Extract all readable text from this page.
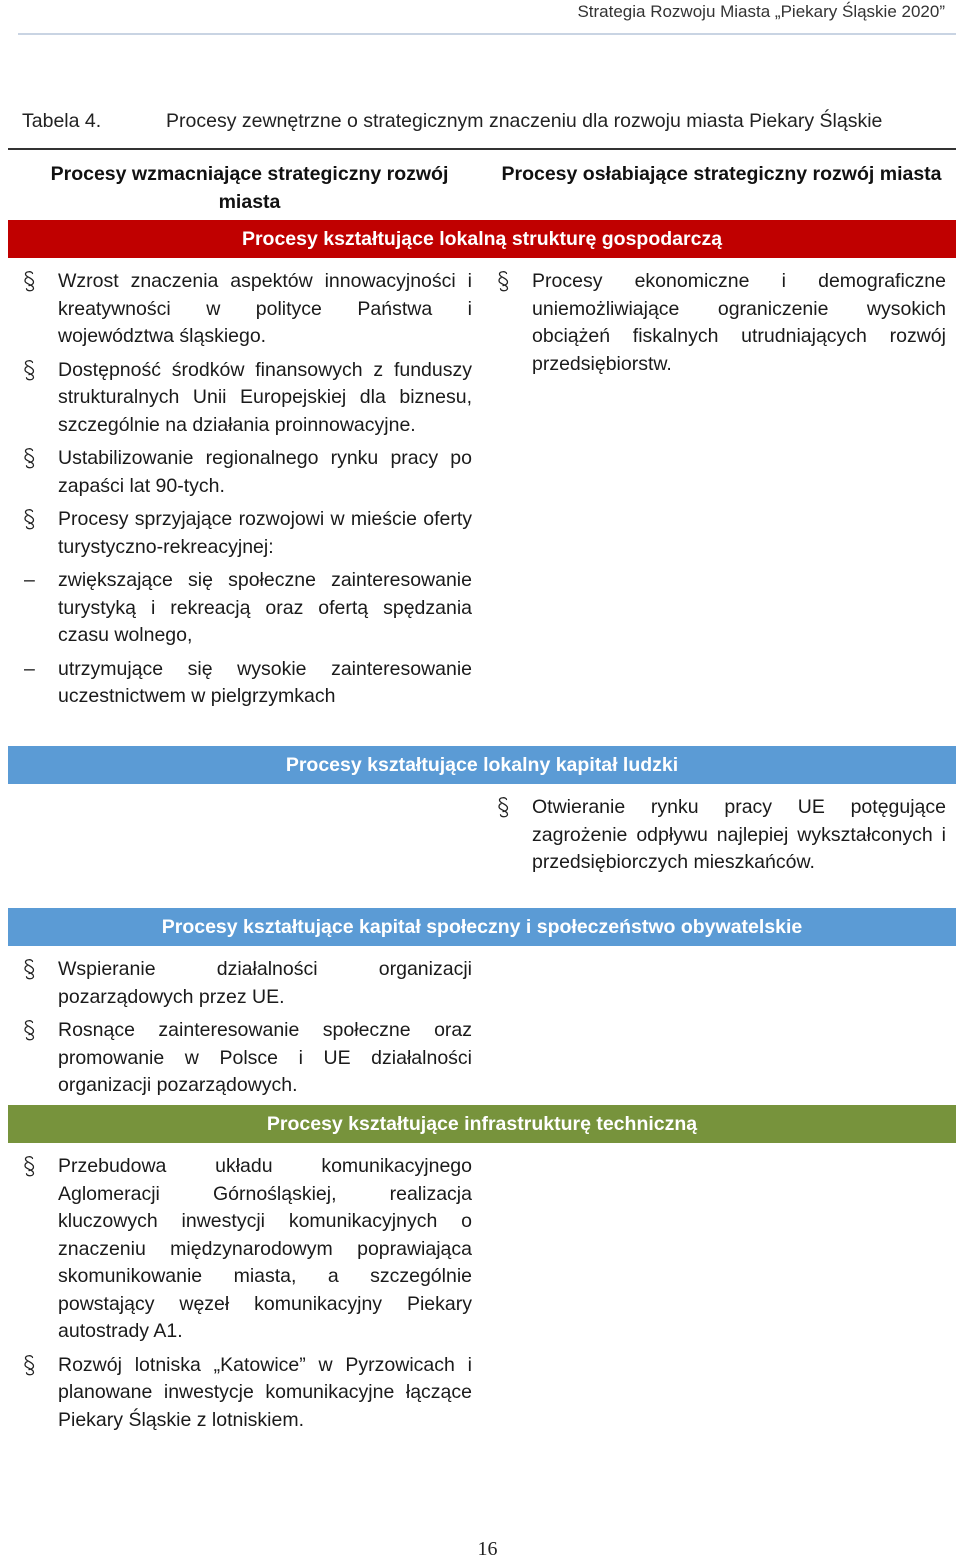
Strategia Rozwoju Miasta „Piekary Śląskie 2020”
Tabela 4.	Procesy zewnętrzne o strategicznym znaczeniu dla rozwoju miasta Piekary Śląskie
Procesy wzmacniające strategiczny rozwój miasta
Procesy osłabiające strategiczny rozwój miasta
Procesy kształtujące lokalną strukturę gospodarczą
Wzrost znaczenia aspektów innowacyjności i kreatywności w polityce Państwa i województwa śląskiego.
Dostępność środków finansowych z funduszy strukturalnych Unii Europejskiej dla biznesu, szczególnie na działania proinnowacyjne.
Ustabilizowanie regionalnego rynku pracy po zapaści lat 90-tych.
Procesy sprzyjające rozwojowi w mieście oferty turystyczno-rekreacyjnej:
– zwiększające się społeczne zainteresowanie turystyką i rekreacją oraz ofertą spędzania czasu wolnego,
– utrzymujące się wysokie zainteresowanie uczestnictwem w pielgrzymkach
Procesy ekonomiczne i demograficzne uniemożliwiające ograniczenie wysokich obciążeń fiskalnych utrudniających rozwój przedsiębiorstw.
Procesy kształtujące lokalny kapitał ludzki
Otwieranie rynku pracy UE potęgujące zagrożenie odpływu najlepiej wykształconych i przedsiębiorczych mieszkańców.
Procesy kształtujące kapitał społeczny i społeczeństwo obywatelskie
Wspieranie działalności organizacji pozarządowych przez UE.
Rosnące zainteresowanie społeczne oraz promowanie w Polsce i UE działalności organizacji pozarządowych.
Procesy kształtujące infrastrukturę techniczną
Przebudowa układu komunikacyjnego Aglomeracji Górnośląskiej, realizacja kluczowych inwestycji komunikacyjnych o znaczeniu międzynarodowym poprawiająca skomunikowanie miasta, a szczególnie powstający węzeł komunikacyjny Piekary autostrady A1.
Rozwój lotniska „Katowice” w Pyrzowicach i planowane inwestycje komunikacyjne łączące Piekary Śląskie z lotniskiem.
16
